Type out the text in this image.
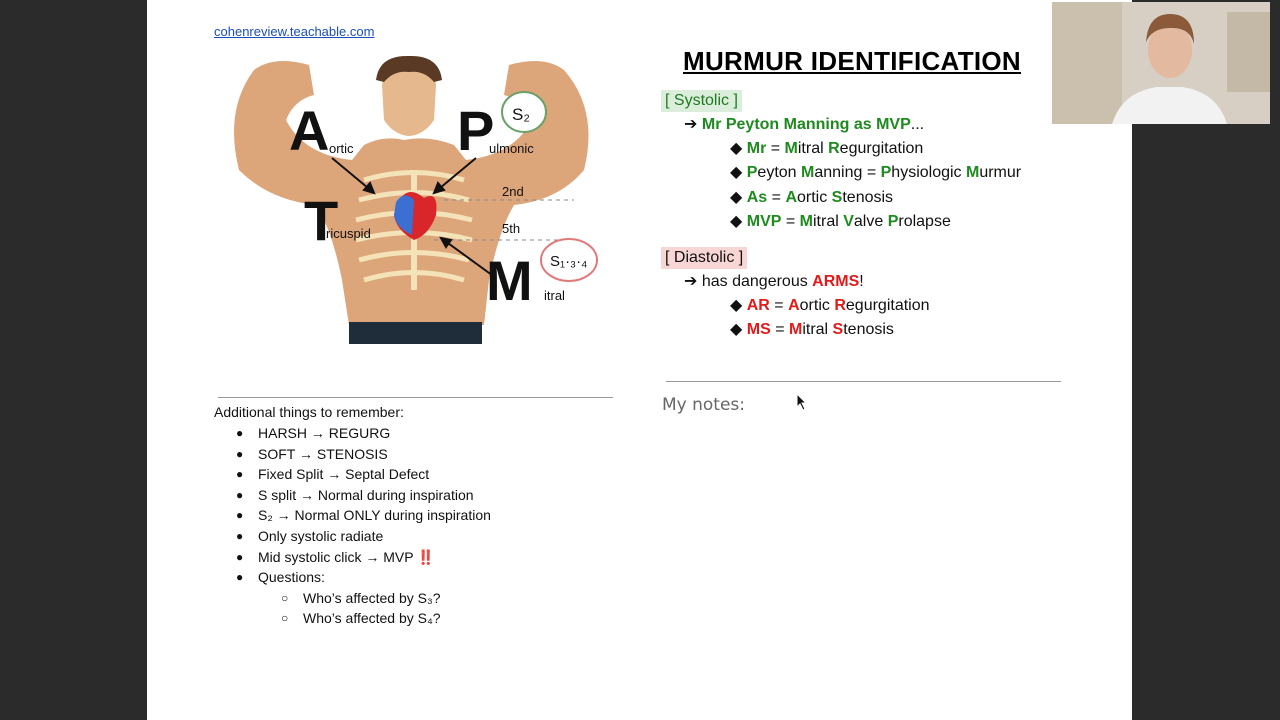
cohenreview.teachable.com
2nd
5th
A ortic P
ulmonic
T
ricuspid
M itral
S₂
S₁·₃·₄
MURMUR IDENTIFICATION
[ Systolic ]
➔ Mr Peyton Manning as MVP...
◆ Mr = Mitral Regurgitation
◆ Peyton Manning = Physiologic Murmur
◆ As = Aortic Stenosis
◆ MVP = Mitral Valve Prolapse
[ Diastolic ]
➔ has dangerous ARMS!
◆ AR = Aortic Regurgitation
◆ MS = Mitral Stenosis
My notes:
Additional things to remember:
● HARSH → REGURG
● SOFT → STENOSIS
● Fixed Split → Septal Defect
● S split → Normal during inspiration
● S₂ → Normal ONLY during inspiration
● Only systolic radiate
● Mid systolic click → MVP ‼️
● Questions:
○ Who’s affected by S₃?
○ Who’s affected by S₄?
